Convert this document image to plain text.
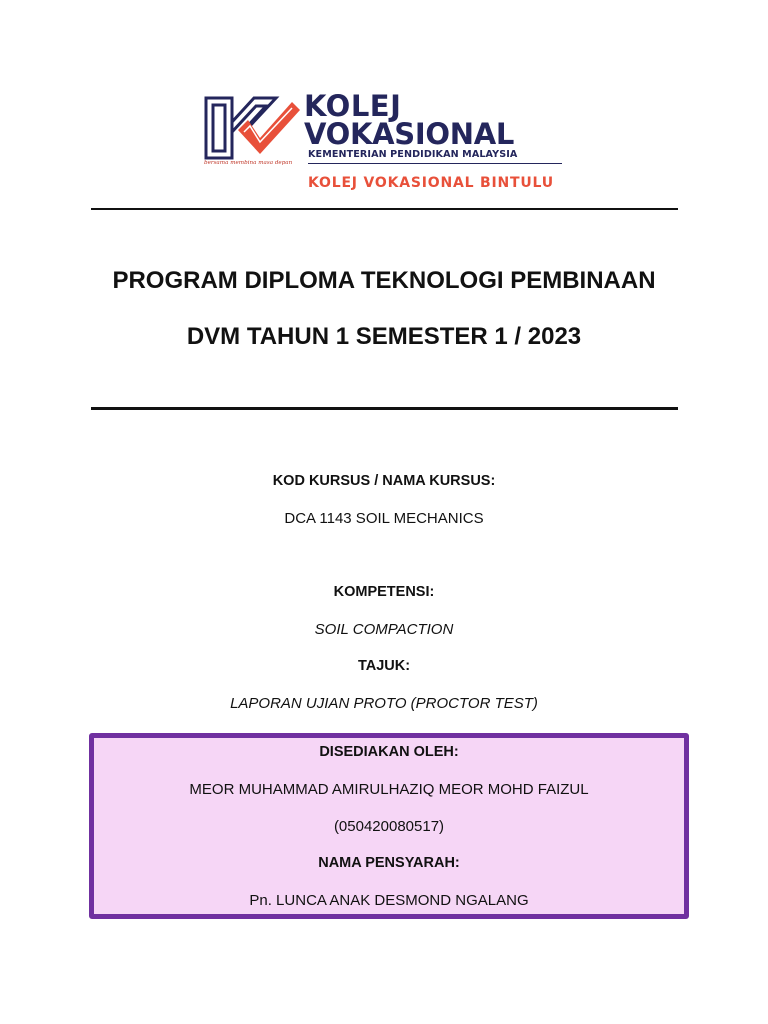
KOLEJ
VOKASIONAL
KEMENTERIAN PENDIDIKAN MALAYSIA
bersama membina masa depan
KOLEJ VOKASIONAL BINTULU
PROGRAM DIPLOMA TEKNOLOGI PEMBINAAN
DVM TAHUN 1 SEMESTER 1 / 2023
KOD KURSUS / NAMA KURSUS:
DCA 1143 SOIL MECHANICS
KOMPETENSI:
SOIL COMPACTION
TAJUK:
LAPORAN UJIAN PROTO (PROCTOR TEST)
DISEDIAKAN OLEH:
MEOR MUHAMMAD AMIRULHAZIQ MEOR MOHD FAIZUL
(050420080517)
NAMA PENSYARAH:
Pn. LUNCA ANAK DESMOND NGALANG
